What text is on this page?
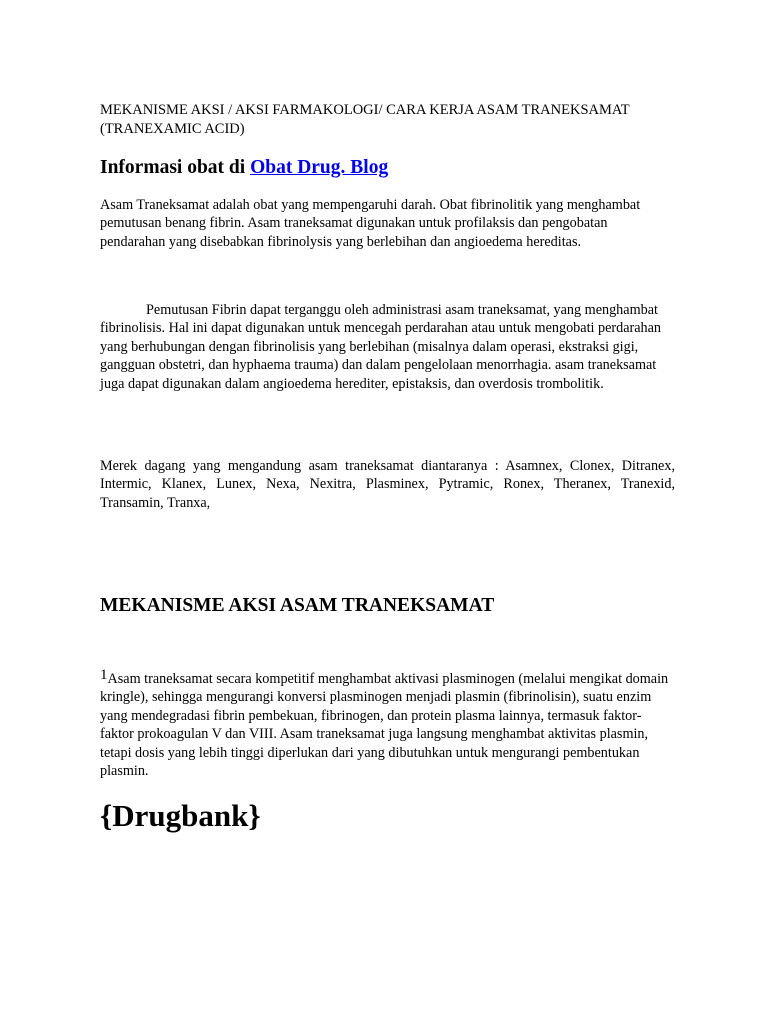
MEKANISME AKSI / AKSI FARMAKOLOGI/ CARA KERJA ASAM TRANEKSAMAT (TRANEXAMIC ACID)

Informasi obat di Obat Drug. Blog

Asam Traneksamat adalah obat yang mempengaruhi darah. Obat fibrinolitik yang menghambat pemutusan benang fibrin. Asam traneksamat digunakan untuk profilaksis dan pengobatan pendarahan yang disebabkan fibrinolysis yang berlebihan dan angioedema hereditas.

Pemutusan Fibrin dapat terganggu oleh administrasi asam traneksamat, yang menghambat fibrinolisis. Hal ini dapat digunakan untuk mencegah perdarahan atau untuk mengobati perdarahan yang berhubungan dengan fibrinolisis yang berlebihan (misalnya dalam operasi, ekstraksi gigi, gangguan obstetri, dan hyphaema trauma) dan dalam pengelolaan menorrhagia. asam traneksamat juga dapat digunakan dalam angioedema herediter, epistaksis, dan overdosis trombolitik.

Merek dagang yang mengandung asam traneksamat diantaranya : Asamnex, Clonex, Ditranex, Intermic, Klanex, Lunex, Nexa, Nexitra, Plasminex, Pytramic, Ronex, Theranex, Tranexid, Transamin, Tranxa,

MEKANISME AKSI ASAM TRANEKSAMAT

1Asam traneksamat secara kompetitif menghambat aktivasi plasminogen (melalui mengikat domain kringle), sehingga mengurangi konversi plasminogen menjadi plasmin (fibrinolisin), suatu enzim yang mendegradasi fibrin pembekuan, fibrinogen, dan protein plasma lainnya, termasuk faktor-faktor prokoagulan V dan VIII. Asam traneksamat juga langsung menghambat aktivitas plasmin, tetapi dosis yang lebih tinggi diperlukan dari yang dibutuhkan untuk mengurangi pembentukan plasmin.

{Drugbank}
